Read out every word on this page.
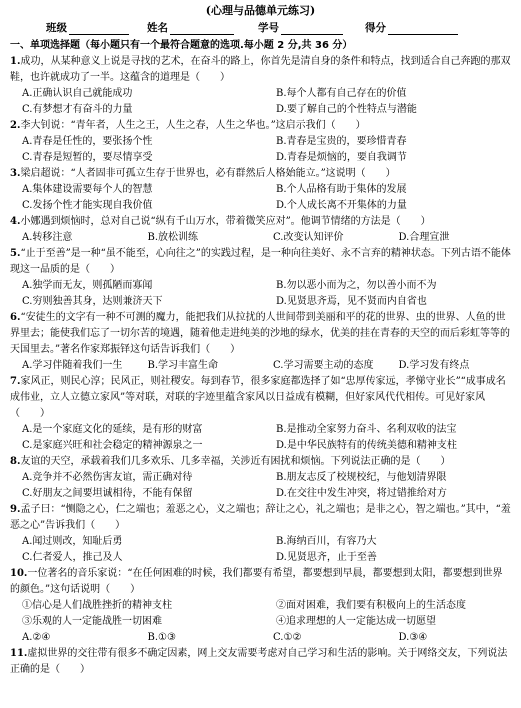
(心理与品德单元练习)
班级	姓名	学号	得分
一、单项选择题（每小题只有一个最符合题意的选项.每小题 2 分,共 36 分）

1.成功，从某种意义上说是寻找的艺术，在奋斗的路上，你首先是清自身的条件和特点，找到适合自己奔跑的那双鞋，也许就成功了一半。这蕴含的道理是（　　）

A.正确认识自己就能成功	B.每个人都有自己存在的价值
C.有梦想才有奋斗的力量	D.要了解自己的个性特点与潜能

2.李大钊说：“青年者，人生之王，人生之春，人生之华也。”这启示我们（　　）

A.青春是任性的，要张扬个性	B.青春是宝贵的，要珍惜青春
C.青春是短暂的，要尽情享受	D.青春是烦恼的，要自我调节

3.梁启超说：“人者固非可孤立生存于世界也，必有群然后人格始能立。”这说明（　　）

A.集体建设需要每个人的智慧	B.个人品格有助于集体的发展
C.发扬个性才能实现自我价值	D.个人成长离不开集体的力量

4.小娜遇到烦恼时，总对自己说“纵有千山万水，带着微笑应对”。他调节情绪的方法是（　　）

A.转移注意	B.放松训练	C.改变认知评价	D.合理宣泄

5.“止于至善”是一种“虽不能至，心向往之”的实践过程，是一种向往美好、永不言弃的精神状态。下列古语不能体现这一品质的是（　　）

A.独学而无友，则孤陋而寡闻	B.勿以恶小而为之，勿以善小而不为
C.穷则独善其身，达则兼济天下	D.见贤思齐焉，见不贤而内自省也

6.“安徒生的文字有一种不可测的魔力，能把我们从拉扰的人世间带到美丽和平的花的世界、虫的世界、人鱼的世界里去；能使我们忘了一切尔苦的境遇，随着他走进纯美的沙地的绿水，优美的挂在青春的天空的而后彩虹等等的天国里去。”著名作家郑振铎这句话告诉我们（　　）

A.学习伴随着我们一生	B.学习丰富生命	C.学习需要主动的态度	D.学习发有终点

7.家风正，则民心淳；民风正，则社稷安。每到春节，很多家庭都选择了如“忠厚传家远，孝悌守业长”“成事成名成伟业，立人立德立家风”等对联，对联的字迹里蕴含家风以日益成有模糊，但好家风代代相传。可见好家风（　　）

A.是一个家庭文化的延续，是有形的财富	B.是推动全家努力奋斗、名利双收的法宝
C.是家庭兴旺和社会稳定的精神源泉之一	D.是中华民族特有的传统美德和精神支柱

8.友谊的天空，承载着我们几多欢乐、几多幸福，关涉近有困扰和烦恼。下列说法正确的是（　　）

A.竞争并不必然伤害友谊，需正确对待	B.朋友志反了校规校纪，与他划清界限
C.好朋友之间要坦诚相待，不能有保留	D.在交往中发生冲突，将过错推给对方

9.孟子曰：“恻隐之心，仁之端也；羞恶之心，义之端也；辞让之心，礼之端也；是非之心，智之端也。”其中，“羞恶之心”告诉我们（　　）

A.闻过则改，知耻后勇	B.海纳百川，有容乃大
C.仁者爱人，推己及人	D.见贤思齐，止于至善

10.一位著名的音乐家说：“在任何困难的时候，我们都要有希望，都要想到早晨，都要想到太阳，都要想到世界的颜色。”这句话说明（　　）

①信心是人们战胜挫折的精神支柱	②面对困难，我们要有积极向上的生活态度
③乐观的人一定能战胜一切困难	④追求理想的人一定能达成一切愿望
A.②④	B.①③	C.①②	D.③④

11.虚拟世界的交往带有很多不确定因素，网上交友需要考虑对自己学习和生活的影响。关于网络交友，下列说法正确的是（　　）
